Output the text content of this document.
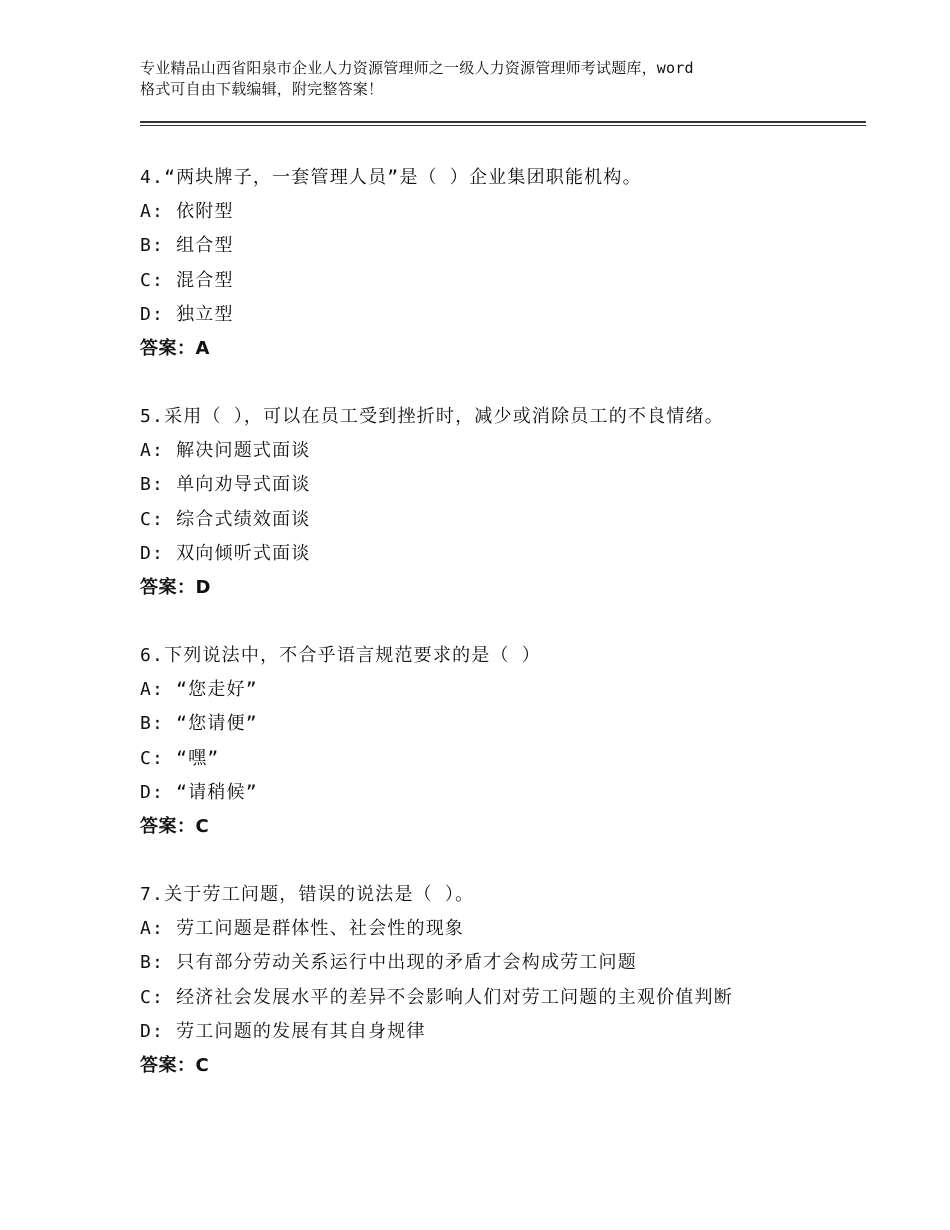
专业精品山西省阳泉市企业人力资源管理师之一级人力资源管理师考试题库，word
格式可自由下载编辑，附完整答案！
4.“两块牌子，一套管理人员”是（ ）企业集团职能机构。
A: 依附型
B: 组合型
C: 混合型
D: 独立型
答案：A
5.采用（ ），可以在员工受到挫折时，减少或消除员工的不良情绪。
A: 解决问题式面谈
B: 单向劝导式面谈
C: 综合式绩效面谈
D: 双向倾听式面谈
答案：D
6.下列说法中，不合乎语言规范要求的是（ ）
A: “您走好”
B: “您请便”
C: “嘿”
D: “请稍候”
答案：C
7.关于劳工问题，错误的说法是（ ）。
A: 劳工问题是群体性、社会性的现象
B: 只有部分劳动关系运行中出现的矛盾才会构成劳工问题
C: 经济社会发展水平的差异不会影响人们对劳工问题的主观价值判断
D: 劳工问题的发展有其自身规律
答案：C
